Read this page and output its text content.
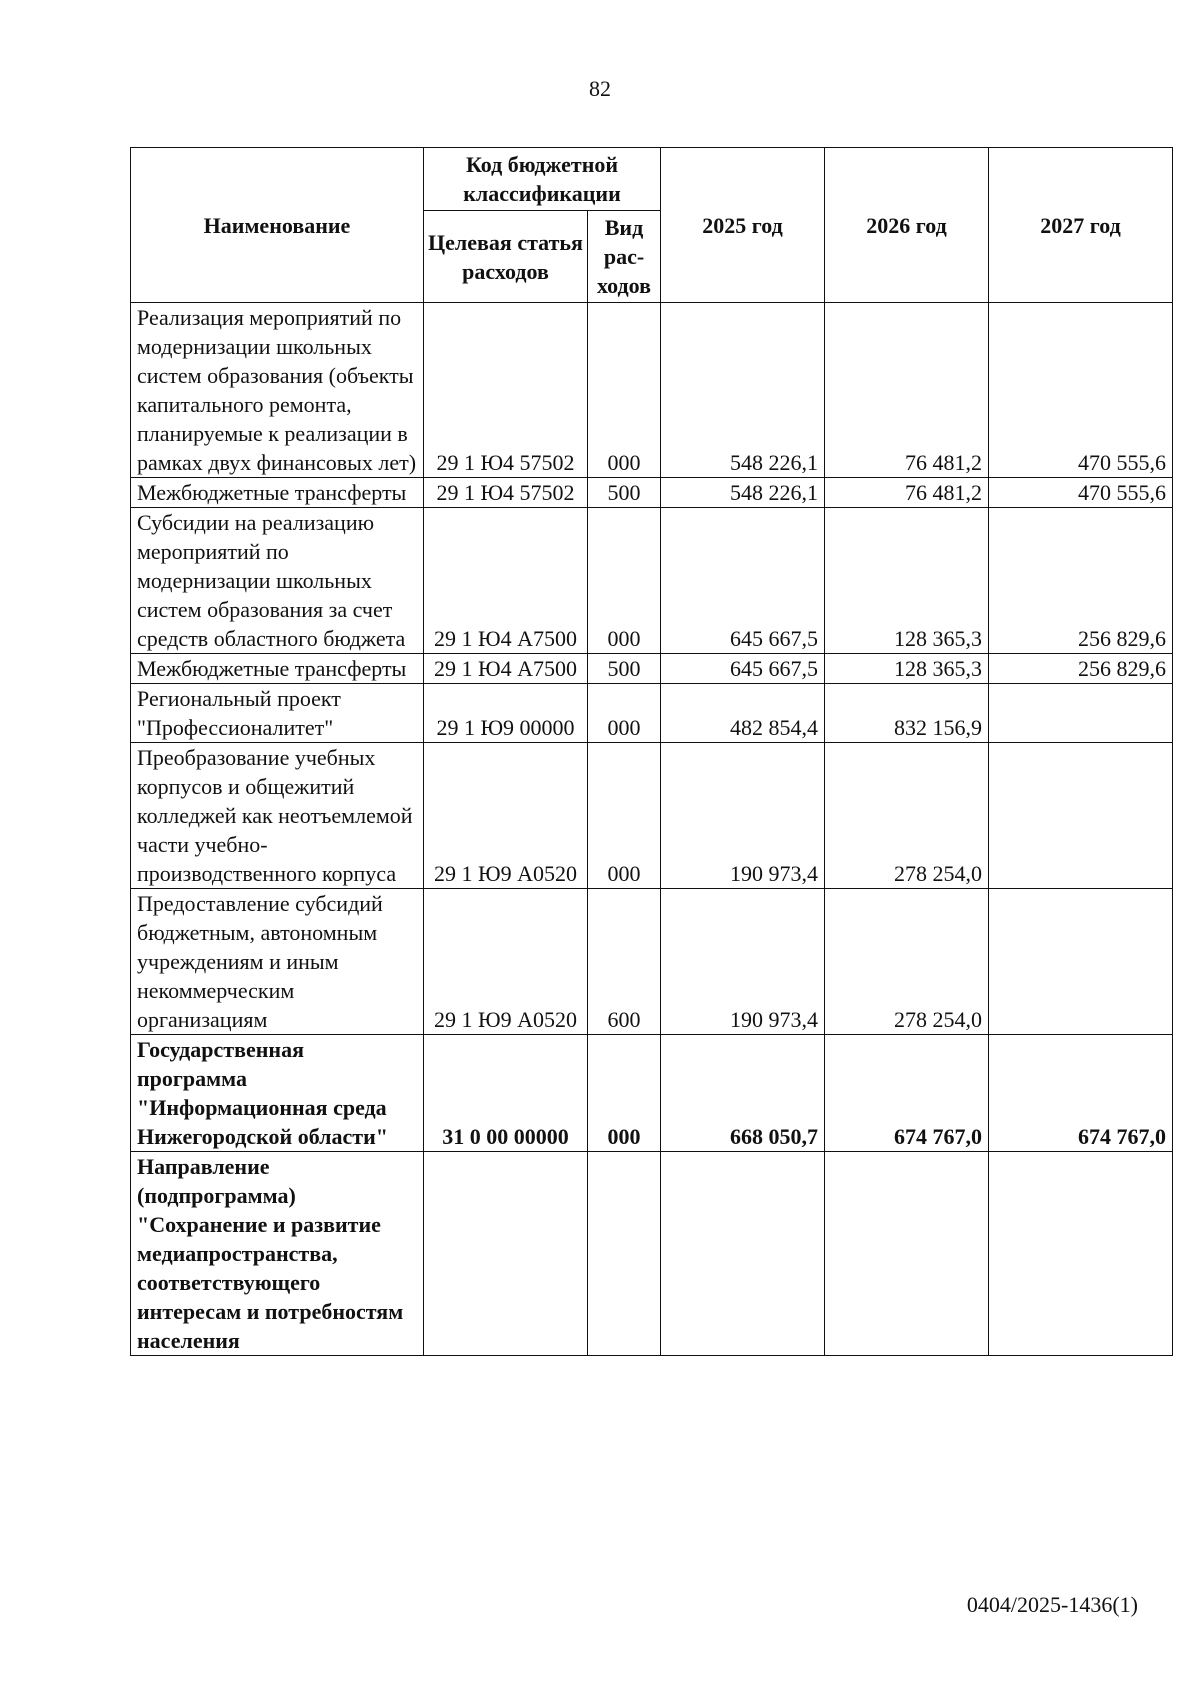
82
Наименование	Код бюджетной классификации		2025 год	2026 год	2027 год
	Целевая статья расходов	Вид рас-ходов			
Реализация мероприятий по модернизации школьных систем образования (объекты капитального ремонта, планируемые к реализации в рамках двух финансовых лет)	29 1 Ю4 57502	000	548 226,1	76 481,2	470 555,6
Межбюджетные трансферты	29 1 Ю4 57502	500	548 226,1	76 481,2	470 555,6
Субсидии на реализацию мероприятий по модернизации школьных систем образования за счет средств областного бюджета	29 1 Ю4 А7500	000	645 667,5	128 365,3	256 829,6
Межбюджетные трансферты	29 1 Ю4 А7500	500	645 667,5	128 365,3	256 829,6
Региональный проект "Профессионалитет"	29 1 Ю9 00000	000	482 854,4	832 156,9	
Преобразование учебных корпусов и общежитий колледжей как неотъемлемой части учебно-производственного корпуса	29 1 Ю9 А0520	000	190 973,4	278 254,0	
Предоставление субсидий бюджетным, автономным учреждениям и иным некоммерческим организациям	29 1 Ю9 А0520	600	190 973,4	278 254,0	
Государственная программа "Информационная среда Нижегородской области"	31 0 00 00000	000	668 050,7	674 767,0	674 767,0
Направление (подпрограмма) "Сохранение и развитие медиапространства, соответствующего интересам и потребностям населения					
0404/2025-1436(1)
